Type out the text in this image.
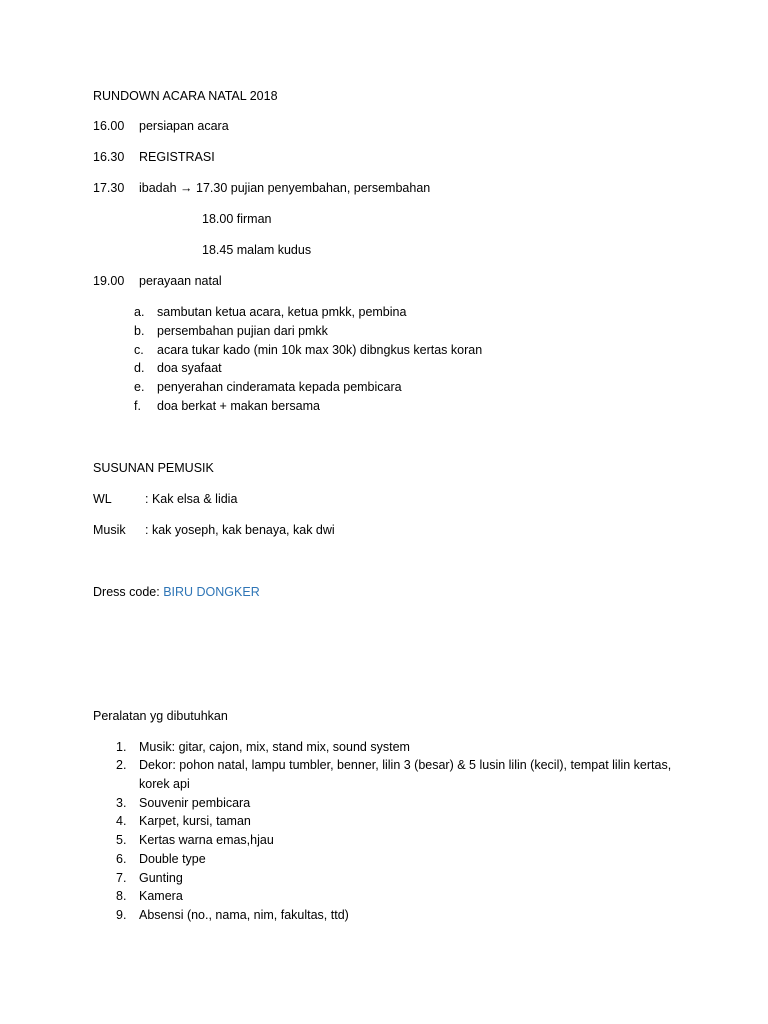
RUNDOWN ACARA NATAL 2018
16.00 persiapan acara
16.30 REGISTRASI
17.30 ibadah → 17.30 pujian penyembahan, persembahan
18.00 firman
18.45 malam kudus
19.00 perayaan natal
a. sambutan ketua acara, ketua pmkk, pembina
b. persembahan pujian dari pmkk
c. acara tukar kado (min 10k max 30k) dibngkus kertas koran
d. doa syafaat
e. penyerahan cinderamata kepada pembicara
f. doa berkat + makan bersama
SUSUNAN PEMUSIK
WL	: Kak elsa & lidia
Musik : kak yoseph, kak benaya, kak dwi
Dress code: BIRU DONGKER
Peralatan yg dibutuhkan
1. Musik: gitar, cajon, mix, stand mix, sound system
2. Dekor: pohon natal, lampu tumbler, benner, lilin 3 (besar) & 5 lusin lilin (kecil), tempat lilin kertas, korek api
3. Souvenir pembicara
4. Karpet, kursi, taman
5. Kertas warna emas,hjau
6. Double type
7. Gunting
8. Kamera
9. Absensi (no., nama, nim, fakultas, ttd)
